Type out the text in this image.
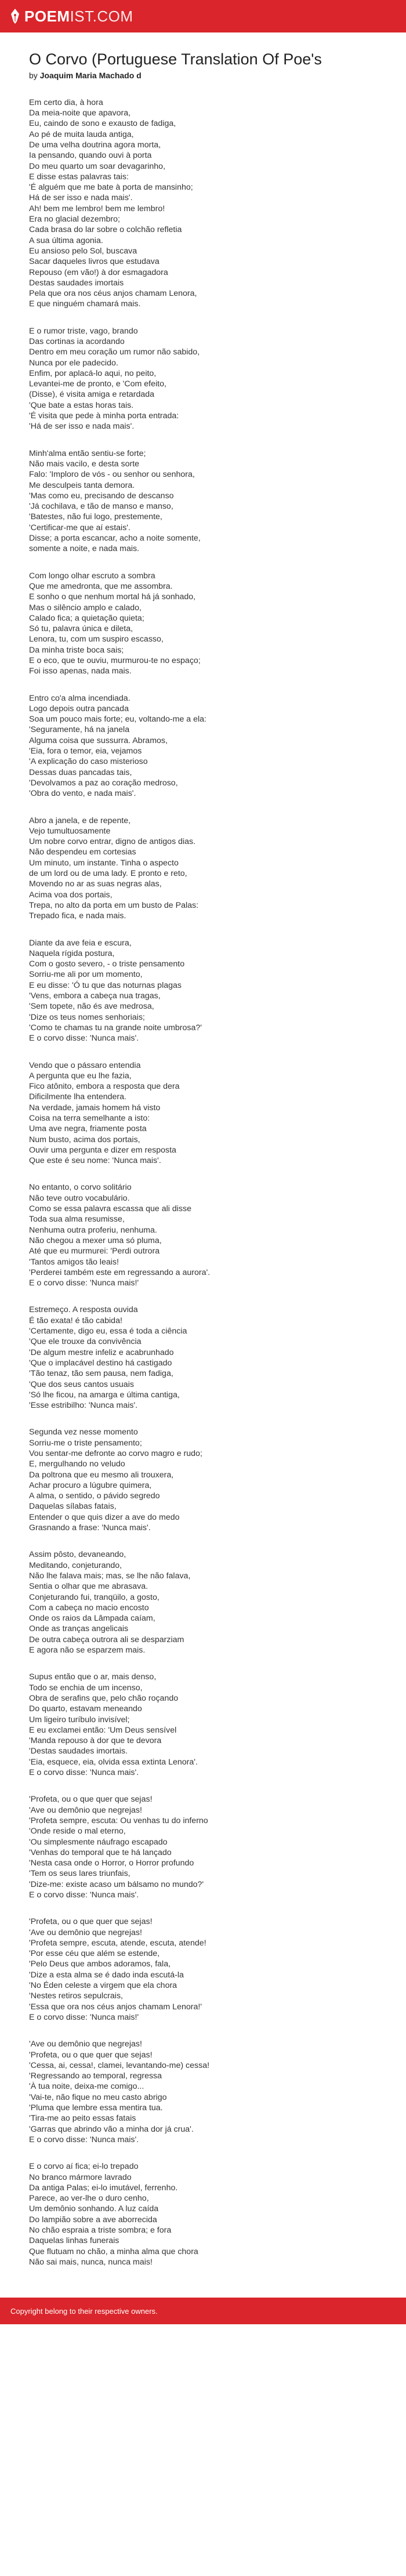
POEM IST.COM
O Corvo (Portuguese Translation Of Poe's
by Joaquim Maria Machado d
Em certo dia, à hora
Da meia-noite que apavora,
Eu, caindo de sono e exausto de fadiga,
Ao pé de muita lauda antiga,
De uma velha doutrina agora morta,
Ia pensando, quando ouvi à porta
Do meu quarto um soar devagarinho,
E disse estas palavras tais:
'É alguém que me bate à porta de mansinho;
Há de ser isso e nada mais'.
Ah! bem me lembro! bem me lembro!
Era no glacial dezembro;
Cada brasa do lar sobre o colchão refletia
A sua última agonia.
Eu ansioso pelo Sol, buscava
Sacar daqueles livros que estudava
Repouso (em vão!) à dor esmagadora
Destas saudades imortais
Pela que ora nos céus anjos chamam Lenora,
E que ninguém chamará mais.
E o rumor triste, vago, brando
Das cortinas ia acordando
Dentro em meu coração um rumor não sabido,
Nunca por ele padecido.
Enfim, por aplacá-lo aqui, no peito,
Levantei-me de pronto, e 'Com efeito,
(Disse), é visita amiga e retardada
'Que bate a estas horas tais.
'É visita que pede à minha porta entrada:
'Há de ser isso e nada mais'.
Minh'alma então sentiu-se forte;
Não mais vacilo, e desta sorte
Falo: 'Imploro de vós - ou senhor ou senhora,
Me desculpeis tanta demora.
'Mas como eu, precisando de descanso
'Já cochilava, e tão de manso e manso,
'Batestes, não fui logo, prestemente,
'Certificar-me que aí estais'.
Disse; a porta escancar, acho a noite somente,
somente a noite, e nada mais.
Com longo olhar escruto a sombra
Que me amedronta, que me assombra.
E sonho o que nenhum mortal há já sonhado,
Mas o silêncio amplo e calado,
Calado fica; a quietação quieta;
Só tu, palavra única e dileta,
Lenora, tu, com um suspiro escasso,
Da minha triste boca sais;
E o eco, que te ouviu, murmurou-te no espaço;
Foi isso apenas, nada mais.
Entro co'a alma incendiada.
Logo depois outra pancada
Soa um pouco mais forte; eu, voltando-me a ela:
'Seguramente, há na janela
Alguma coisa que sussurra. Abramos,
'Eia, fora o temor, eia, vejamos
'A explicação do caso misterioso
Dessas duas pancadas tais,
'Devolvamos a paz ao coração medroso,
'Obra do vento, e nada mais'.
Abro a janela, e de repente,
Vejo tumultuosamente
Um nobre corvo entrar, digno de antigos dias.
Não despendeu em cortesias
Um minuto, um instante. Tinha o aspecto
de um lord ou de uma lady. E pronto e reto,
Movendo no ar as suas negras alas,
Acima voa dos portais,
Trepa, no alto da porta em um busto de Palas:
Trepado fica, e nada mais.
Diante da ave feia e escura,
Naquela rígida postura,
Com o gosto severo, - o triste pensamento
Sorriu-me ali por um momento,
E eu disse: 'Ó tu que das noturnas plagas
'Vens, embora a cabeça nua tragas,
'Sem topete, não és ave medrosa,
'Dize os teus nomes senhoriais;
'Como te chamas tu na grande noite umbrosa?'
E o corvo disse: 'Nunca mais'.
Vendo que o pássaro entendia
A pergunta que eu lhe fazia,
Fico atônito, embora a resposta que dera
Dificilmente lha entendera.
Na verdade, jamais homem há visto
Coisa na terra semelhante a isto:
Uma ave negra, friamente posta
Num busto, acima dos portais,
Ouvir uma pergunta e dizer em resposta
Que este é seu nome: 'Nunca mais'.
No entanto, o corvo solitário
Não teve outro vocabulário.
Como se essa palavra escassa que ali disse
Toda sua alma resumisse,
Nenhuma outra proferiu, nenhuma.
Não chegou a mexer uma só pluma,
Até que eu murmurei: 'Perdi outrora
'Tantos amigos tão leais!
'Perderei também este em regressando a aurora'.
E o corvo disse: 'Nunca mais!'
Estremeço. A resposta ouvida
É tão exata! é tão cabida!
'Certamente, digo eu, essa é toda a ciência
'Que ele trouxe da convivência
'De algum mestre infeliz e acabrunhado
'Que o implacável destino há castigado
'Tão tenaz, tão sem pausa, nem fadiga,
'Que dos seus cantos usuais
'Só lhe ficou, na amarga e última cantiga,
'Esse estribilho: 'Nunca mais'.
Segunda vez nesse momento
Sorriu-me o triste pensamento;
Vou sentar-me defronte ao corvo magro e rudo;
E, mergulhando no veludo
Da poltrona que eu mesmo ali trouxera,
Achar procuro a lúgubre quimera,
A alma, o sentido, o pávido segredo
Daquelas sílabas fatais,
Entender o que quis dizer a ave do medo
Grasnando a frase: 'Nunca mais'.
Assim pôsto, devaneando,
Meditando, conjeturando,
Não lhe falava mais; mas, se lhe não falava,
Sentia o olhar que me abrasava.
Conjeturando fui, tranqüilo, a gosto,
Com a cabeça no macio encosto
Onde os raios da Lâmpada caíam,
Onde as tranças angelicais
De outra cabeça outrora ali se desparziam
E agora não se esparzem mais.
Supus então que o ar, mais denso,
Todo se enchia de um incenso,
Obra de serafins que, pelo chão roçando
Do quarto, estavam meneando
Um ligeiro turíbulo invisível;
E eu exclamei então: 'Um Deus sensível
'Manda repouso à dor que te devora
'Destas saudades imortais.
'Eia, esquece, eia, olvida essa extinta Lenora'.
E o corvo disse: 'Nunca mais'.
'Profeta, ou o que quer que sejas!
'Ave ou demônio que negrejas!
'Profeta sempre, escuta: Ou venhas tu do inferno
'Onde reside o mal eterno,
'Ou simplesmente náufrago escapado
'Venhas do temporal que te há lançado
'Nesta casa onde o Horror, o Horror profundo
'Tem os seus lares triunfais,
'Dize-me: existe acaso um bálsamo no mundo?'
E o corvo disse: 'Nunca mais'.
'Profeta, ou o que quer que sejas!
'Ave ou demônio que negrejas!
'Profeta sempre, escuta, atende, escuta, atende!
'Por esse céu que além se estende,
'Pelo Deus que ambos adoramos, fala,
'Dize a esta alma se é dado inda escutá-la
'No Éden celeste a virgem que ela chora
'Nestes retiros sepulcrais,
'Essa que ora nos céus anjos chamam Lenora!'
E o corvo disse: 'Nunca mais!'
'Ave ou demônio que negrejas!
'Profeta, ou o que quer que sejas!
'Cessa, ai, cessa!, clamei, levantando-me) cessa!
'Regressando ao temporal, regressa
'À tua noite, deixa-me comigo...
'Vai-te, não fique no meu casto abrigo
'Pluma que lembre essa mentira tua.
'Tira-me ao peito essas fatais
'Garras que abrindo vão a minha dor já crua'.
E o corvo disse: 'Nunca mais'.
E o corvo aí fica; ei-lo trepado
No branco mármore lavrado
Da antiga Palas; ei-lo imutável, ferrenho.
Parece, ao ver-lhe o duro cenho,
Um demônio sonhando. A luz caída
Do lampião sobre a ave aborrecida
No chão espraia a triste sombra; e fora
Daquelas linhas funerais
Que flutuam no chão, a minha alma que chora
Não sai mais, nunca, nunca mais!
Copyright belong to their respective owners.
